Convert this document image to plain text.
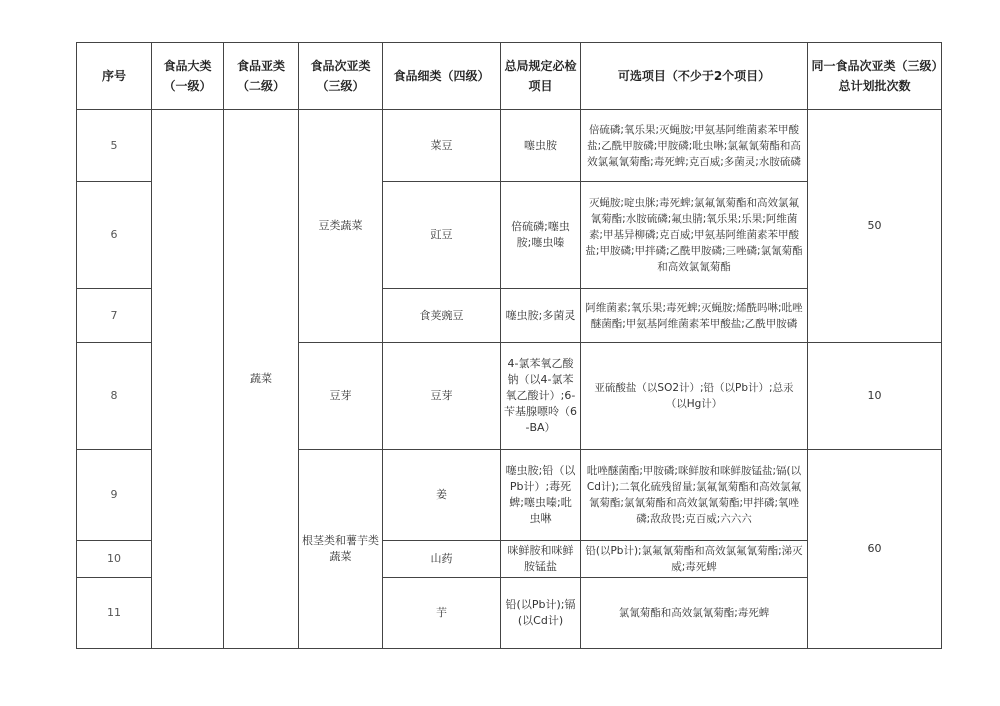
序号	食品大类（一级）	食品亚类（二级）	食品次亚类（三级）	食品细类（四级）	总局规定必检项目	可选项目（不少于2个项目）	同一食品次亚类（三级）总计划批次数
5		蔬菜	豆类蔬菜	菜豆	噻虫胺	倍硫磷;氧乐果;灭蝇胺;甲氨基阿维菌素苯甲酸盐;乙酰甲胺磷;甲胺磷;吡虫啉;氯氟氰菊酯和高效氯氟氰菊酯;毒死蜱;克百威;多菌灵;水胺硫磷	50
6				豇豆	倍硫磷;噻虫胺;噻虫嗪	灭蝇胺;啶虫脒;毒死蜱;氯氟氰菊酯和高效氯氟氰菊酯;水胺硫磷;氟虫腈;氧乐果;乐果;阿维菌素;甲基异柳磷;克百威;甲氨基阿维菌素苯甲酸盐;甲胺磷;甲拌磷;乙酰甲胺磷;三唑磷;氯氰菊酯和高效氯氰菊酯	
7				食荚豌豆	噻虫胺;多菌灵	阿维菌素;氧乐果;毒死蜱;灭蝇胺;烯酰吗啉;吡唑醚菌酯;甲氨基阿维菌素苯甲酸盐;乙酰甲胺磷	
8			豆芽	豆芽	4-氯苯氧乙酸钠（以4-氯苯氧乙酸计）;6-苄基腺嘌呤（6-BA）	亚硫酸盐（以SO2计）;铅（以Pb计）;总汞（以Hg计）	10
9			根茎类和薯芋类蔬菜	姜	噻虫胺;铅（以Pb计）;毒死蜱;噻虫嗪;吡虫啉	吡唑醚菌酯;甲胺磷;咪鲜胺和咪鲜胺锰盐;镉(以Cd计);二氧化硫残留量;氯氟氰菊酯和高效氯氟氰菊酯;氯氰菊酯和高效氯氰菊酯;甲拌磷;氧唑磷;敌敌畏;克百威;六六六	60
10				山药	咪鲜胺和咪鲜胺锰盐	铅(以Pb计);氯氟氰菊酯和高效氯氟氰菊酯;涕灭威;毒死蜱	
11				芋	铅(以Pb计);镉(以Cd计)	氯氰菊酯和高效氯氰菊酯;毒死蜱	
